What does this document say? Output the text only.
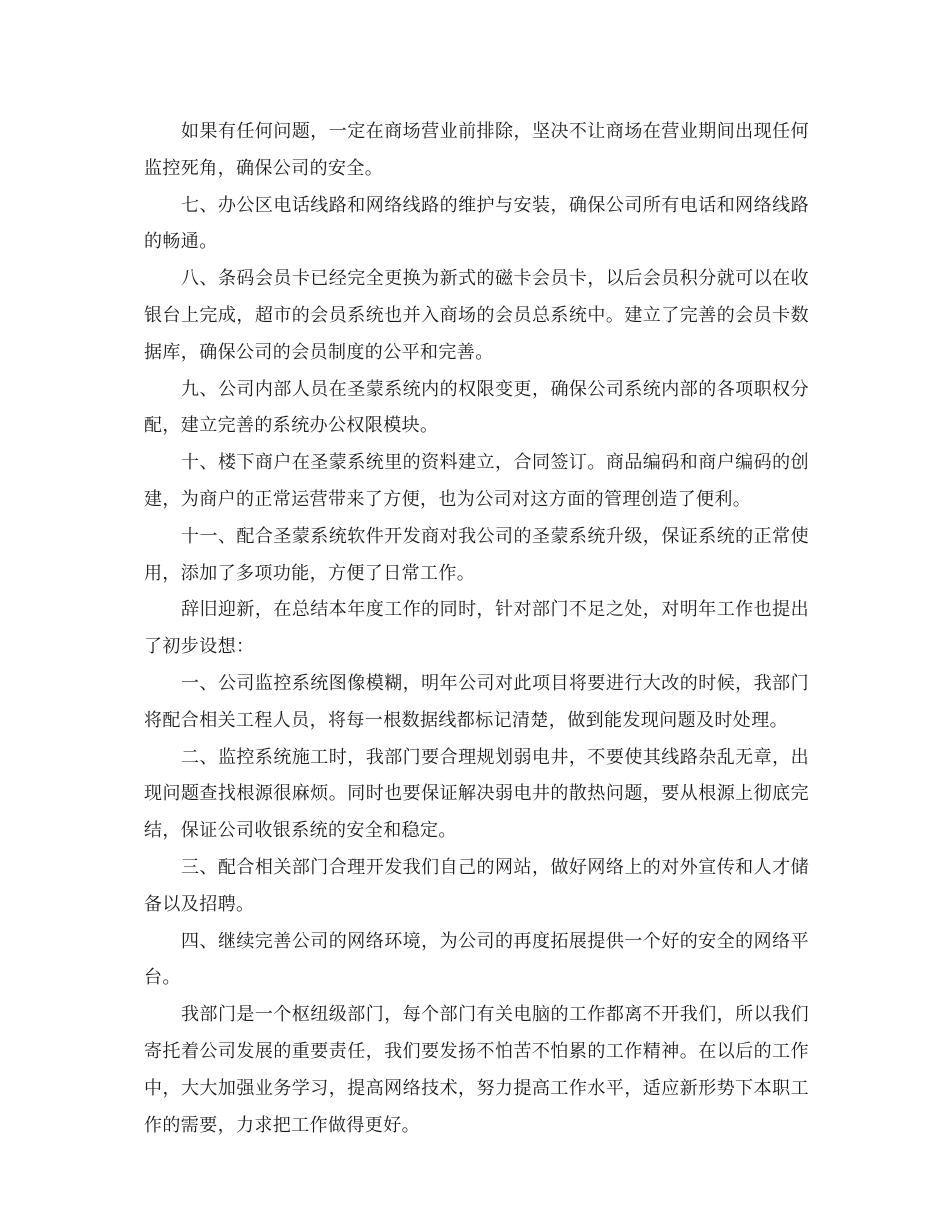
如果有任何问题，一定在商场营业前排除，坚决不让商场在营业期间出现任何监控死角，确保公司的安全。

七、办公区电话线路和网络线路的维护与安装，确保公司所有电话和网络线路的畅通。

八、条码会员卡已经完全更换为新式的磁卡会员卡，以后会员积分就可以在收银台上完成，超市的会员系统也并入商场的会员总系统中。建立了完善的会员卡数据库，确保公司的会员制度的公平和完善。

九、公司内部人员在圣蒙系统内的权限变更，确保公司系统内部的各项职权分配，建立完善的系统办公权限模块。

十、楼下商户在圣蒙系统里的资料建立，合同签订。商品编码和商户编码的创建，为商户的正常运营带来了方便，也为公司对这方面的管理创造了便利。

十一、配合圣蒙系统软件开发商对我公司的圣蒙系统升级，保证系统的正常使用，添加了多项功能，方便了日常工作。

辞旧迎新，在总结本年度工作的同时，针对部门不足之处，对明年工作也提出了初步设想：

一、公司监控系统图像模糊，明年公司对此项目将要进行大改的时候，我部门将配合相关工程人员，将每一根数据线都标记清楚，做到能发现问题及时处理。

二、监控系统施工时，我部门要合理规划弱电井，不要使其线路杂乱无章，出现问题查找根源很麻烦。同时也要保证解决弱电井的散热问题，要从根源上彻底完结，保证公司收银系统的安全和稳定。

三、配合相关部门合理开发我们自己的网站，做好网络上的对外宣传和人才储备以及招聘。

四、继续完善公司的网络环境，为公司的再度拓展提供一个好的安全的网络平台。

我部门是一个枢纽级部门，每个部门有关电脑的工作都离不开我们，所以我们寄托着公司发展的重要责任，我们要发扬不怕苦不怕累的工作精神。在以后的工作中，大大加强业务学习，提高网络技术，努力提高工作水平，适应新形势下本职工作的需要，力求把工作做得更好。
